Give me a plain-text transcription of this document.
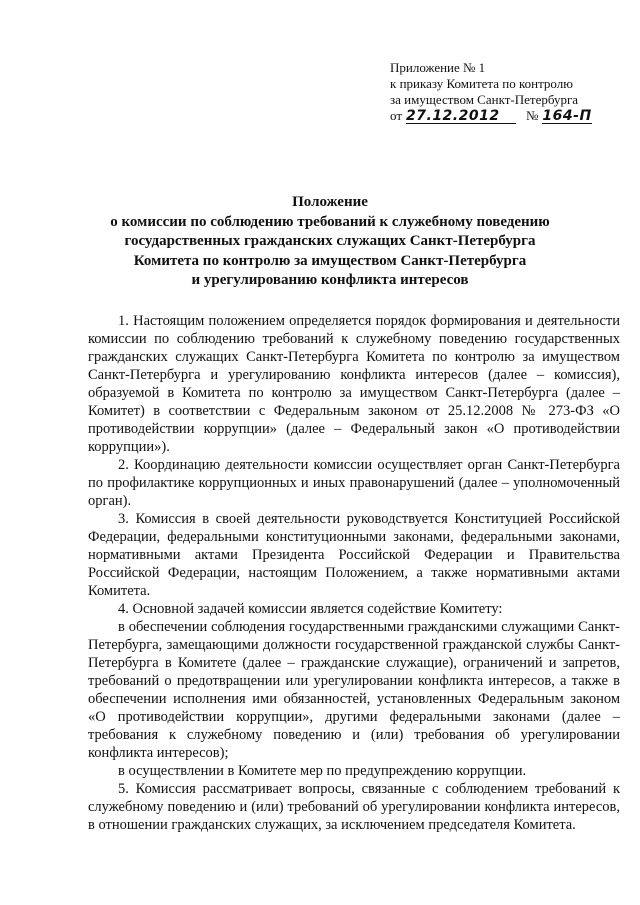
Приложение № 1
к приказу Комитета по контролю
за имуществом Санкт-Петербурга
от 27.12.2012	№ 164-П
Положение
о комиссии по соблюдению требований к служебному поведению
государственных гражданских служащих Санкт-Петербурга
Комитета по контролю за имуществом Санкт-Петербурга
и урегулированию конфликта интересов

1. Настоящим положением определяется порядок формирования и деятельности комиссии по соблюдению требований к служебному поведению государственных гражданских служащих Санкт-Петербурга Комитета по контролю за имуществом Санкт-Петербурга и урегулированию конфликта интересов (далее – комиссия), образуемой в Комитета по контролю за имуществом Санкт-Петербурга (далее – Комитет) в соответствии с Федеральным законом от 25.12.2008 № 273-ФЗ «О противодействии коррупции» (далее – Федеральный закон «О противодействии коррупции»).

2. Координацию деятельности комиссии осуществляет орган Санкт-Петербурга по профилактике коррупционных и иных правонарушений (далее – уполномоченный орган).

3. Комиссия в своей деятельности руководствуется Конституцией Российской Федерации, федеральными конституционными законами, федеральными законами, нормативными актами Президента Российской Федерации и Правительства Российской Федерации, настоящим Положением, а также нормативными актами Комитета.

4. Основной задачей комиссии является содействие Комитету:

в обеспечении соблюдения государственными гражданскими служащими Санкт-Петербурга, замещающими должности государственной гражданской службы Санкт-Петербурга в Комитете (далее – гражданские служащие), ограничений и запретов, требований о предотвращении или урегулировании конфликта интересов, а также в обеспечении исполнения ими обязанностей, установленных Федеральным законом «О противодействии коррупции», другими федеральными законами (далее – требования к служебному поведению и (или) требования об урегулировании конфликта интересов);

в осуществлении в Комитете мер по предупреждению коррупции.

5. Комиссия рассматривает вопросы, связанные с соблюдением требований к служебному поведению и (или) требований об урегулировании конфликта интересов, в отношении гражданских служащих, за исключением председателя Комитета.
